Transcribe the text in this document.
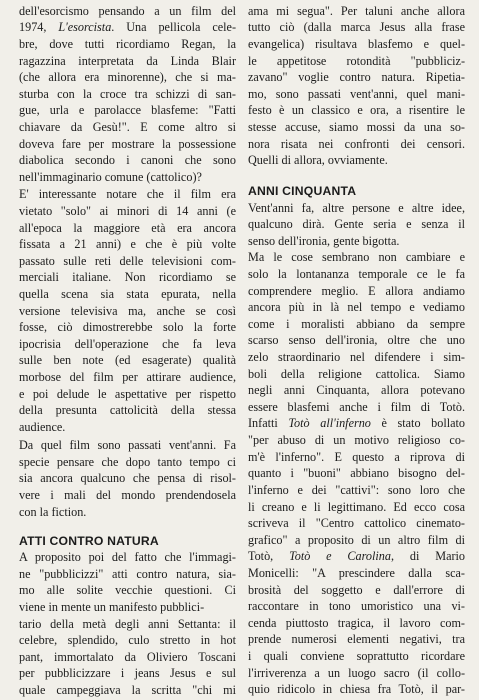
dell'esorcismo pensando a un film del
1974, L'esorcista. Una pellicola cele-
bre, dove tutti ricordiamo Regan, la
ragazzina interpretata da Linda Blair
(che allora era minorenne), che si ma-
sturba con la croce tra schizzi di san-
gue, urla e parolacce blasfeme: "Fatti
chiavare da Gesù!". E come altro si
doveva fare per mostrare la possessione
diabolica secondo i canoni che sono
nell'immaginario comune (cattolico)?
E' interessante notare che il film era
vietato "solo" ai minori di 14 anni (e
all'epoca la maggiore età era ancora
fissata a 21 anni) e che è più volte
passato sulle reti delle televisioni com-
merciali italiane. Non ricordiamo se
quella scena sia stata epurata, nella
versione televisiva ma, anche se così
fosse, ciò dimostrerebbe solo la forte
ipocrisia dell'operazione che fa leva
sulle ben note (ed esagerate) qualità
morbose del film per attirare audience,
e poi delude le aspettative per rispetto
della presunta cattolicità della stessa
audience.
Da quel film sono passati vent'anni. Fa
specie pensare che dopo tanto tempo ci
sia ancora qualcuno che pensa di risol-
vere i mali del mondo prendendosela
con la fiction.
ATTI CONTRO NATURA
A proposito poi del fatto che l'immagi-
ne "pubblicizzi" atti contro natura, sia-
mo alle solite vecchie questioni. Ci
viene in mente un manifesto pubblici-
tario della metà degli anni Settanta: il
celebre, splendido, culo stretto in hot
pant, immortalato da Oliviero Toscani
per pubblicizzare i jeans Jesus e sul
quale campeggiava la scritta "chi mi
ama mi segua". Per taluni anche allora
tutto ciò (dalla marca Jesus alla frase
evangelica) risultava blasfemo e quel-
le appetitose rotondità "pubbliciz-
zavano" voglie contro natura. Ripetia-
mo, sono passati vent'anni, quel mani-
festo è un classico e ora, a risentire le
stesse accuse, siamo mossi da una so-
nora risata nei confronti dei censori.
Quelli di allora, ovviamente.
ANNI CINQUANTA
Vent'anni fa, altre persone e altre idee,
qualcuno dirà. Gente seria e senza il
senso dell'ironia, gente bigotta.
Ma le cose sembrano non cambiare e
solo la lontananza temporale ce le fa
comprendere meglio. E allora andiamo
ancora più in là nel tempo e vediamo
come i moralisti abbiano da sempre
scarso senso dell'ironia, oltre che uno
zelo straordinario nel difendere i sim-
boli della religione cattolica. Siamo
negli anni Cinquanta, allora potevano
essere blasfemi anche i film di Totò.
Infatti Totò all'inferno è stato bollato
"per abuso di un motivo religioso co-
m'è l'inferno". E questo a riprova di
quanto i "buoni" abbiano bisogno del-
l'inferno e dei "cattivi": sono loro che
li creano e li legittimano. Ed ecco cosa
scriveva il "Centro cattolico cinemato-
grafico" a proposito di un altro film di
Totò, Totò e Carolina, di Mario
Monicelli: "A prescindere dalla sca-
brosità del soggetto e dall'errore di
raccontare in tono umoristico una vi-
cenda piuttosto tragica, il lavoro com-
prende numerosi elementi negativi, tra
i quali conviene soprattutto ricordare
l'irriverenza a un luogo sacro (il collo-
quio ridicolo in chiesa fra Totò, il par-
